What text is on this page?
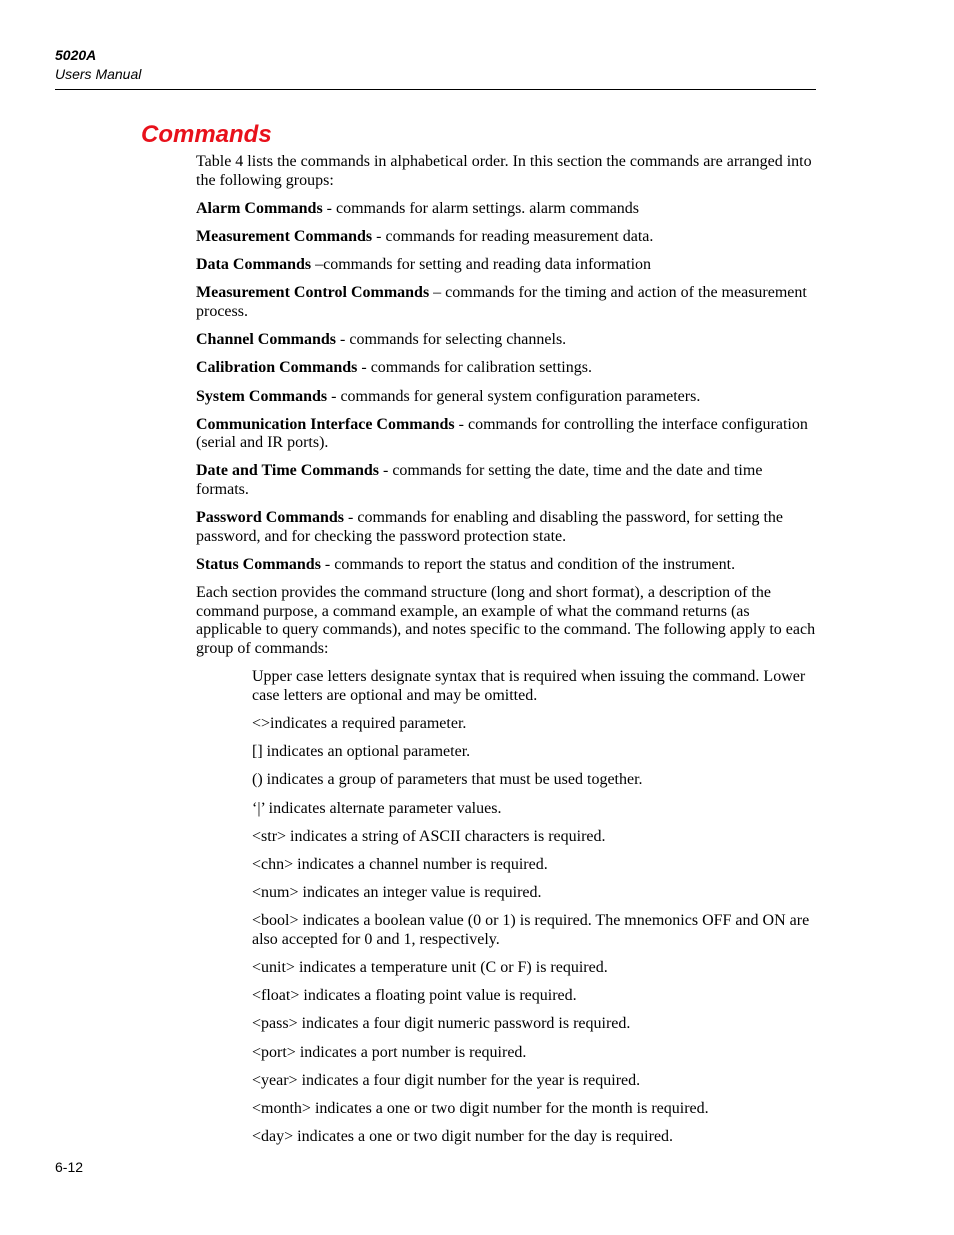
5020A

Users Manual

Commands

Table 4 lists the commands in alphabetical order. In this section the commands are arranged into the following groups:

Alarm Commands - commands for alarm settings. alarm commands

Measurement Commands - commands for reading measurement data.

Data Commands –commands for setting and reading data information

Measurement Control Commands – commands for the timing and action of the measurement process.

Channel Commands - commands for selecting channels.

Calibration Commands - commands for calibration settings.

System Commands - commands for general system configuration parameters.

Communication Interface Commands - commands for controlling the interface configuration (serial and IR ports).

Date and Time Commands - commands for setting the date, time and the date and time formats.

Password Commands - commands for enabling and disabling the password, for setting the password, and for checking the password protection state.

Status Commands - commands to report the status and condition of the instrument.

Each section provides the command structure (long and short format), a description of the command purpose, a command example, an example of what the command returns (as applicable to query commands), and notes specific to the command. The following apply to each group of commands:

Upper case letters designate syntax that is required when issuing the command. Lower case letters are optional and may be omitted.
<>indicates a required parameter.
[] indicates an optional parameter.
() indicates a group of parameters that must be used together.
‘|’ indicates alternate parameter values.
<str> indicates a string of ASCII characters is required.
<chn> indicates a channel number is required.
<num> indicates an integer value is required.
<bool> indicates a boolean value (0 or 1) is required. The mnemonics OFF and ON are also accepted for 0 and 1, respectively.
<unit> indicates a temperature unit (C or F) is required.
<float> indicates a floating point value is required.
<pass> indicates a four digit numeric password is required.
<port> indicates a port number is required.
<year> indicates a four digit number for the year is required.
<month> indicates a one or two digit number for the month is required.
<day> indicates a one or two digit number for the day is required.
6-12
